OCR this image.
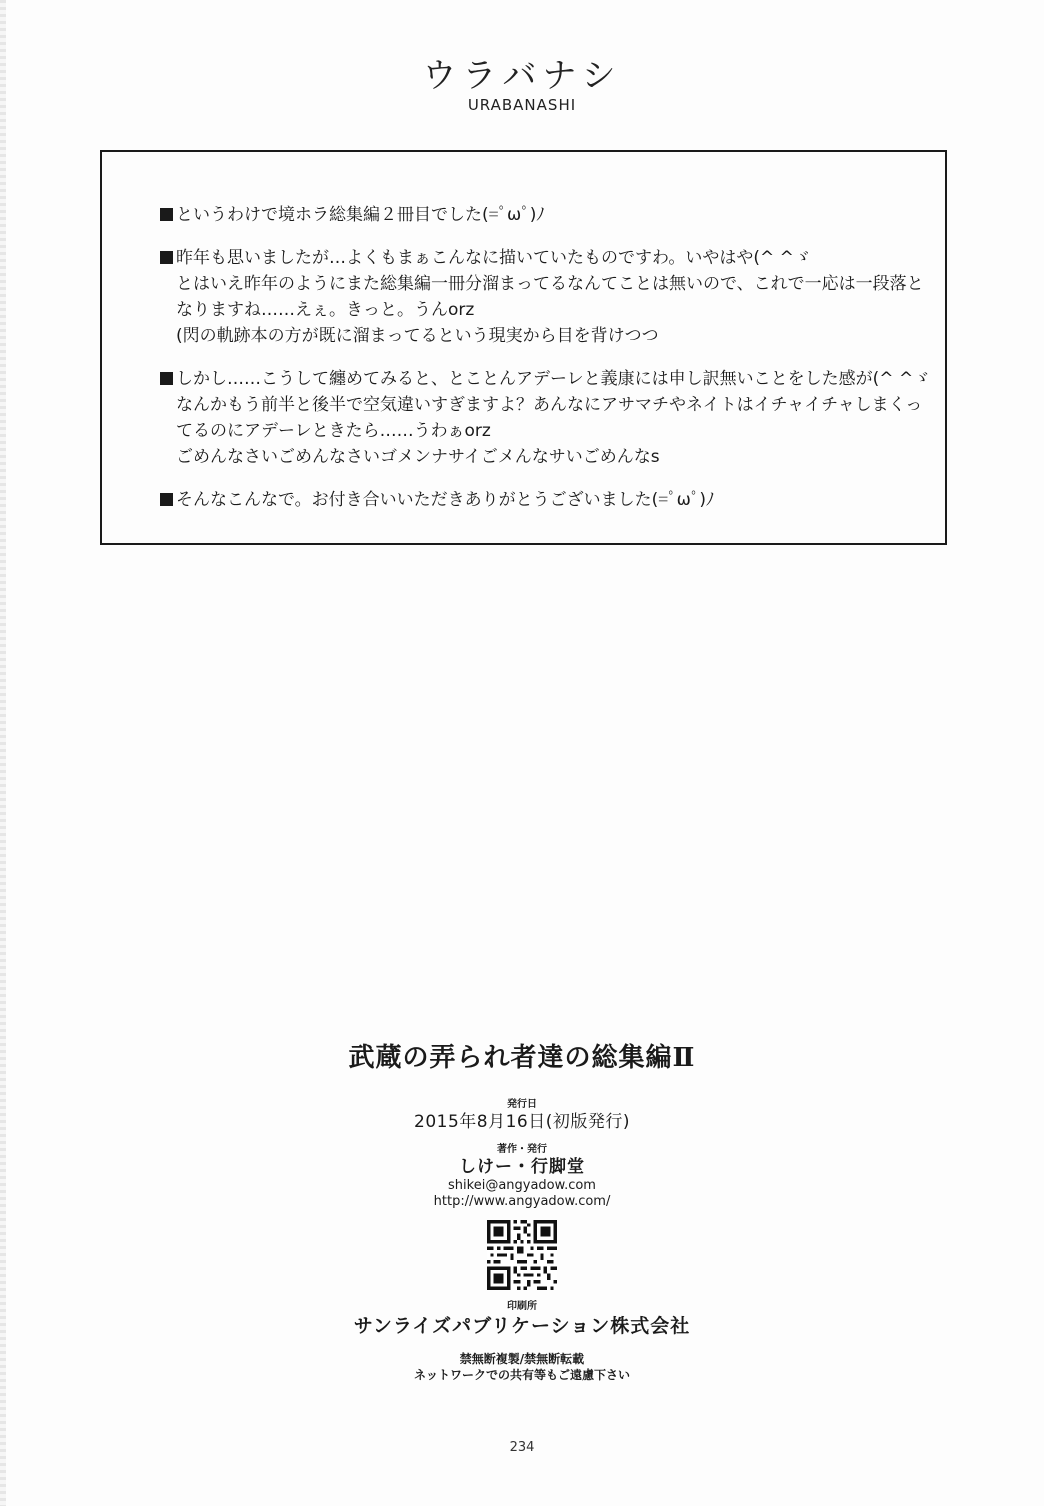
ウラバナシ
URABANASHI
というわけで境ホラ総集編２冊目でした(=ﾟωﾟ)ﾉ
昨年も思いましたが…よくもまぁこんなに描いていたものですわ。いやはや(^ ^ゞ
とはいえ昨年のようにまた総集編一冊分溜まってるなんてことは無いので、これで一応は一段落と
なりますね……えぇ。きっと。うんorz
(閃の軌跡本の方が既に溜まってるという現実から目を背けつつ
しかし……こうして纏めてみると、とことんアデーレと義康には申し訳無いことをした感が(^ ^ゞ
なんかもう前半と後半で空気違いすぎますよ？あんなにアサマチやネイトはイチャイチャしまくっ
てるのにアデーレときたら……うわぁorz
ごめんなさいごめんなさいゴメンナサイごメんなサいごめんなs
そんなこんなで。お付き合いいただきありがとうございました(=ﾟωﾟ)ﾉ
武蔵の弄られ者達の総集編Ⅱ
発行日
2015年8月16日(初版発行)
著作・発行
しけー・行脚堂
shikei@angyadow.com
http://www.angyadow.com/
印刷所
サンライズパブリケーション株式会社
禁無断複製/禁無断転載
ネットワークでの共有等もご遠慮下さい
234
